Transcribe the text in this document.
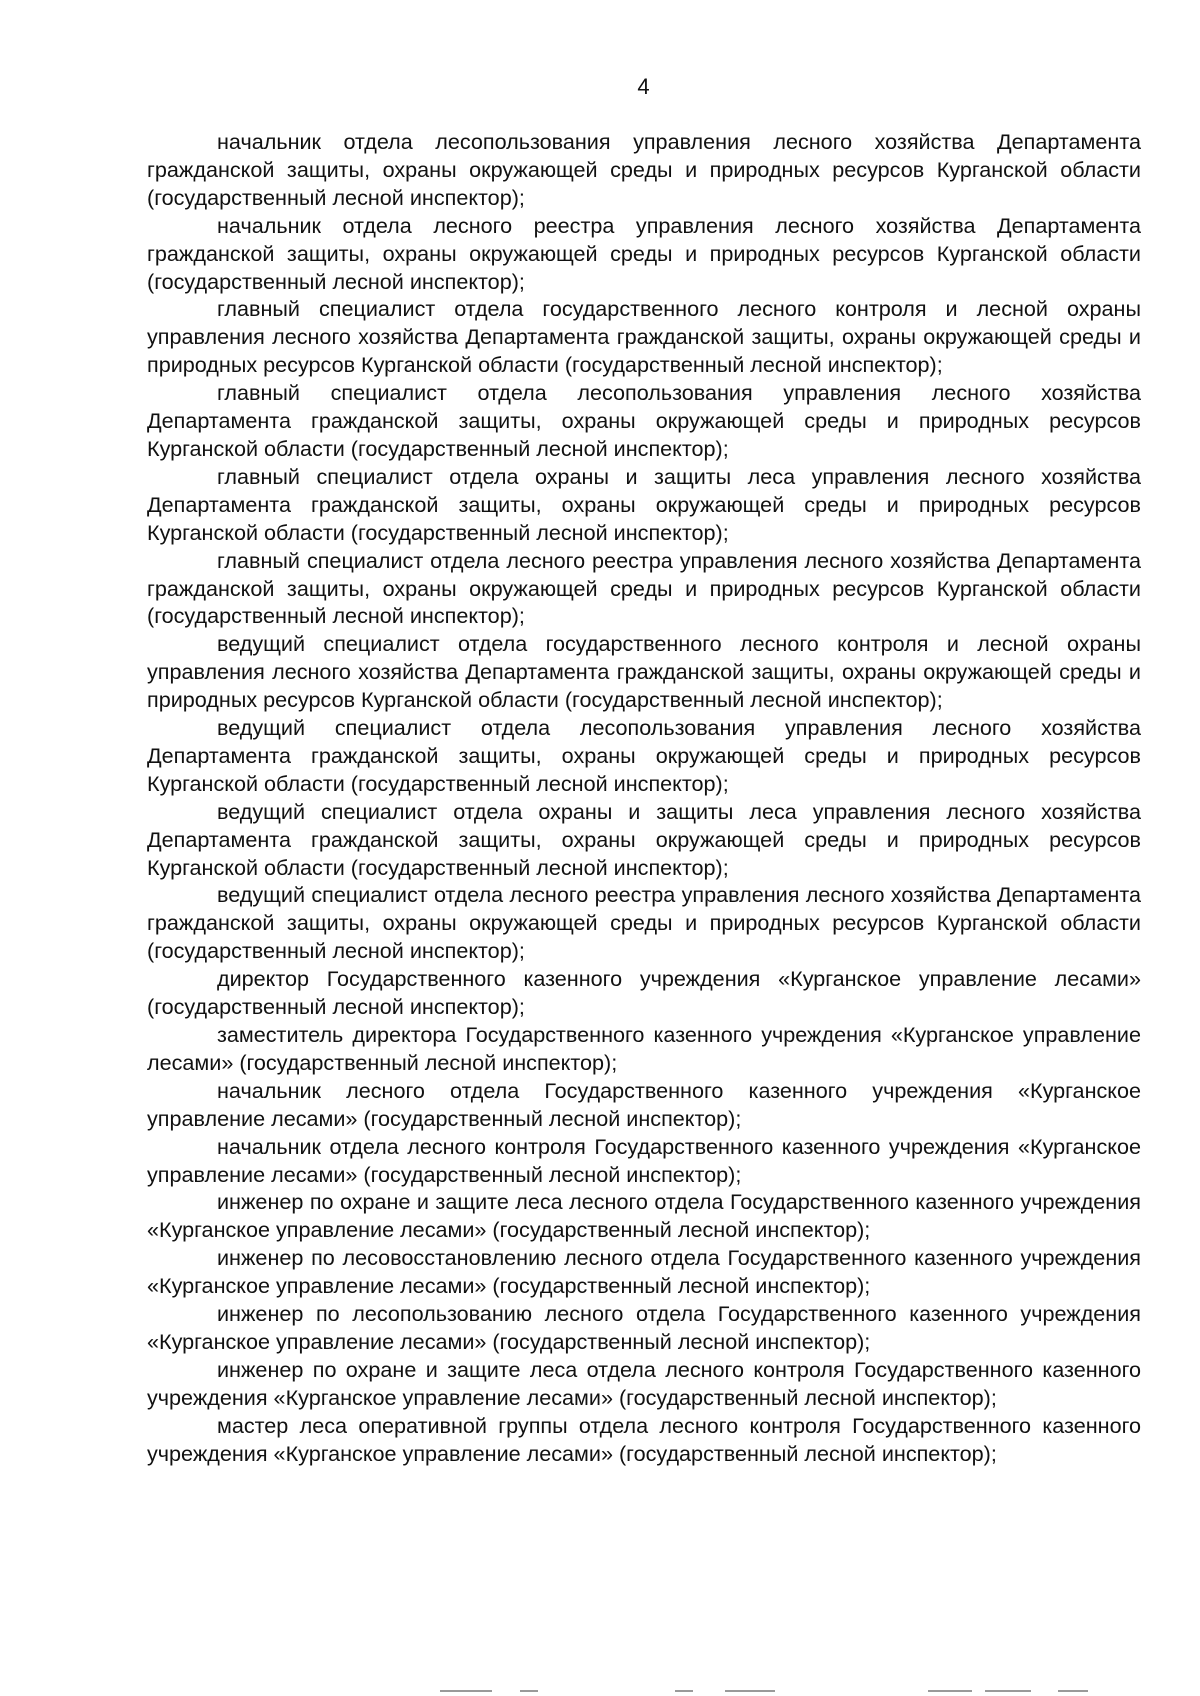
4

начальник отдела лесопользования управления лесного хозяйства Департамента гражданской защиты, охраны окружающей среды и природных ресурсов Курганской области (государственный лесной инспектор);

начальник отдела лесного реестра управления лесного хозяйства Департамента гражданской защиты, охраны окружающей среды и природных ресурсов Курганской области (государственный лесной инспектор);

главный специалист отдела государственного лесного контроля и лесной охраны управления лесного хозяйства Департамента гражданской защиты, охраны окружающей среды и природных ресурсов Курганской области (государственный лесной инспектор);

главный специалист отдела лесопользования управления лесного хозяйства Департамента гражданской защиты, охраны окружающей среды и природных ресурсов Курганской области (государственный лесной инспектор);

главный специалист отдела охраны и защиты леса управления лесного хозяйства Департамента гражданской защиты, охраны окружающей среды и природных ресурсов Курганской области (государственный лесной инспектор);

главный специалист отдела лесного реестра управления лесного хозяйства Департамента гражданской защиты, охраны окружающей среды и природных ресурсов Курганской области (государственный лесной инспектор);

ведущий специалист отдела государственного лесного контроля и лесной охраны управления лесного хозяйства Департамента гражданской защиты, охраны окружающей среды и природных ресурсов Курганской области (государственный лесной инспектор);

ведущий специалист отдела лесопользования управления лесного хозяйства Департамента гражданской защиты, охраны окружающей среды и природных ресурсов Курганской области (государственный лесной инспектор);

ведущий специалист отдела охраны и защиты леса управления лесного хозяйства Департамента гражданской защиты, охраны окружающей среды и природных ресурсов Курганской области (государственный лесной инспектор);

ведущий специалист отдела лесного реестра управления лесного хозяйства Департамента гражданской защиты, охраны окружающей среды и природных ресурсов Курганской области (государственный лесной инспектор);

директор Государственного казенного учреждения «Курганское управление лесами» (государственный лесной инспектор);

заместитель директора Государственного казенного учреждения «Курганское управление лесами» (государственный лесной инспектор);

начальник лесного отдела Государственного казенного учреждения «Курганское управление лесами» (государственный лесной инспектор);

начальник отдела лесного контроля Государственного казенного учреждения «Курганское управление лесами» (государственный лесной инспектор);

инженер по охране и защите леса лесного отдела Государственного казенного учреждения «Курганское управление лесами» (государственный лесной инспектор);

инженер по лесовосстановлению лесного отдела Государственного казенного учреждения «Курганское управление лесами» (государственный лесной инспектор);

инженер по лесопользованию лесного отдела Государственного казенного учреждения «Курганское управление лесами» (государственный лесной инспектор);

инженер по охране и защите леса отдела лесного контроля Государственного казенного учреждения «Курганское управление лесами» (государственный лесной инспектор);

мастер леса оперативной группы отдела лесного контроля Государственного казенного учреждения «Курганское управление лесами» (государственный лесной инспектор);
